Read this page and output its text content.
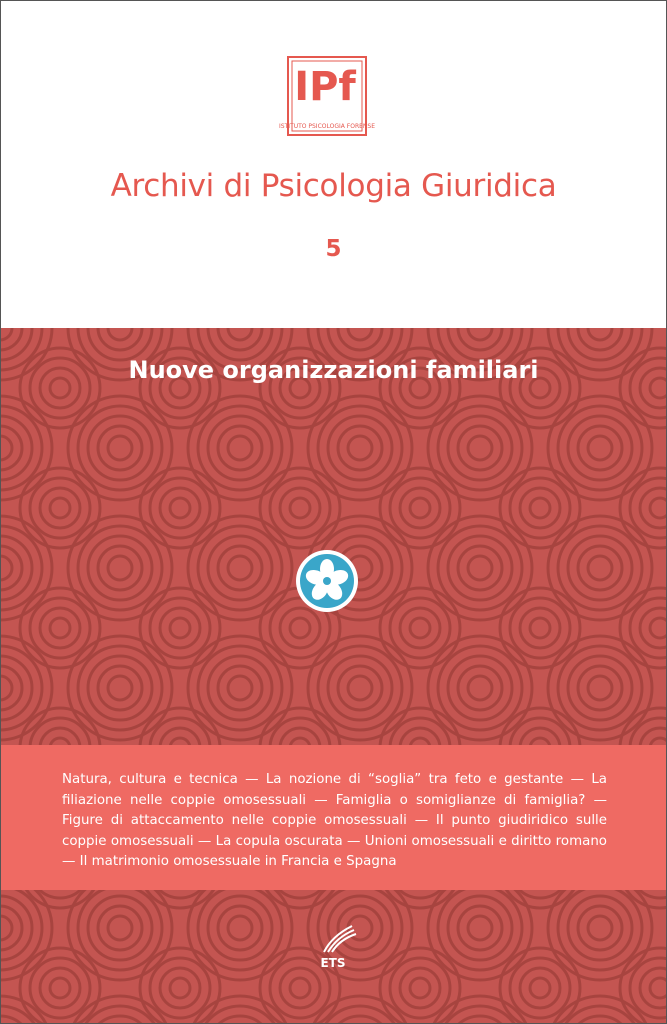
IPf
ISTITUTO PSICOLOGIA FORENSE
Archivi di Psicologia Giuridica
5
Nuove organizzazioni familiari
Natura, cultura e tecnica — La nozione di “soglia” tra feto e gestante — La filiazione nelle coppie omosessuali — Famiglia o somiglianze di famiglia? — Figure di attaccamento nelle coppie omosessuali — Il punto giudiridico sulle coppie omosessuali — La copula oscurata — Unioni omosessuali e diritto romano — Il matrimonio omosessuale in Francia e Spagna
ETS
